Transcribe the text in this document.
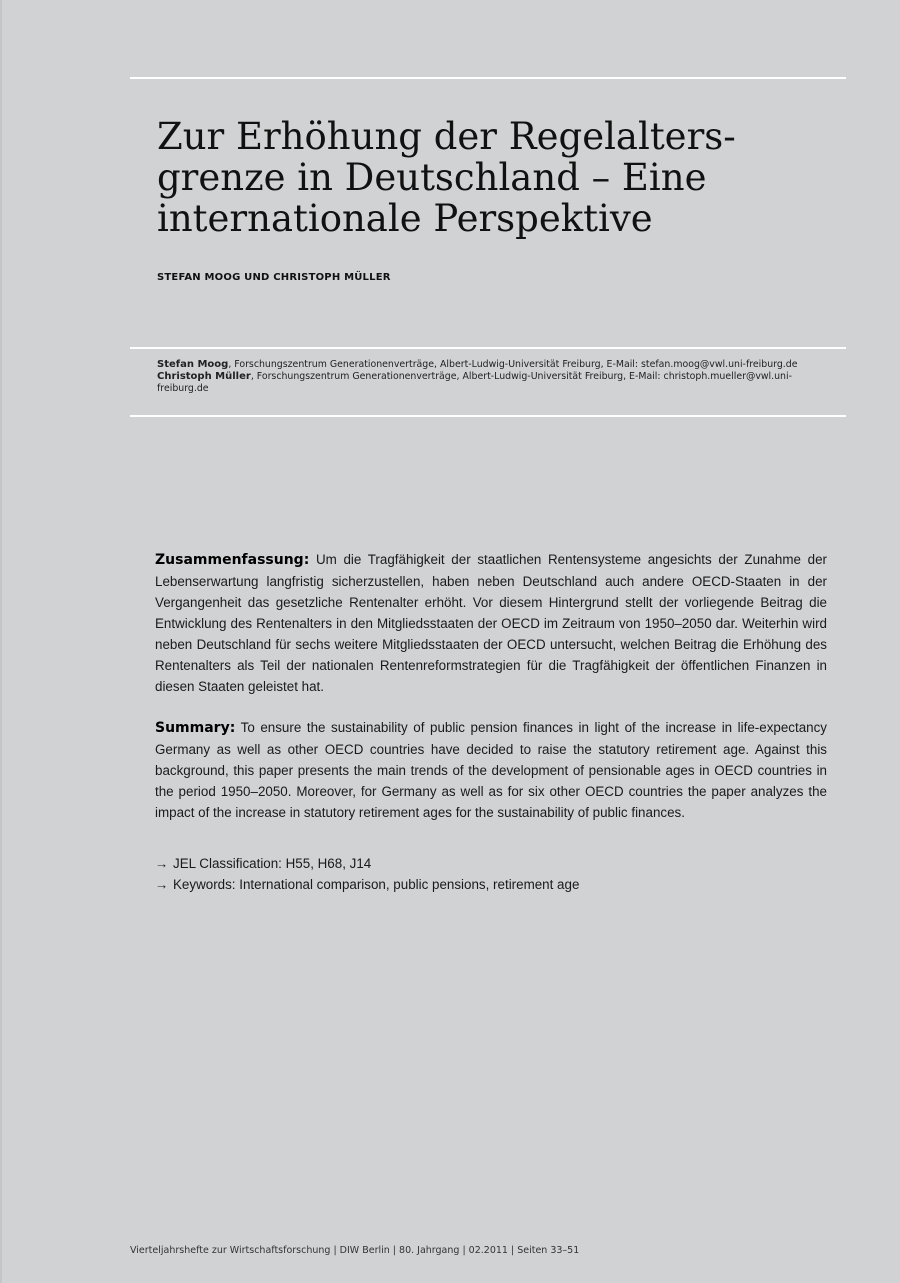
Zur Erhöhung der Regelalters-
grenze in Deutschland – Eine
internationale Perspektive
STEFAN MOOG UND CHRISTOPH MÜLLER

Stefan Moog, Forschungszentrum Generationenverträge, Albert-Ludwig-Universität Freiburg, E-Mail: stefan.moog@vwl.uni-freiburg.de

Christoph Müller, Forschungszentrum Generationenverträge, Albert-Ludwig-Universität Freiburg, E-Mail: christoph.mueller@vwl.uni-freiburg.de

Zusammenfassung: Um die Tragfähigkeit der staatlichen Rentensysteme angesichts der Zunahme der Lebenserwartung langfristig sicherzustellen, haben neben Deutschland auch andere OECD-Staaten in der Vergangenheit das gesetzliche Rentenalter erhöht. Vor diesem Hintergrund stellt der vorliegende Beitrag die Entwicklung des Rentenalters in den Mitgliedsstaaten der OECD im Zeitraum von 1950–2050 dar. Weiterhin wird neben Deutschland für sechs weitere Mitgliedsstaaten der OECD untersucht, welchen Beitrag die Erhöhung des Rentenalters als Teil der nationalen Rentenreformstrategien für die Tragfähigkeit der öffentlichen Finanzen in diesen Staaten geleistet hat.

Summary: To ensure the sustainability of public pension finances in light of the increase in life-expectancy Germany as well as other OECD countries have decided to raise the statutory retirement age. Against this background, this paper presents the main trends of the development of pensionable ages in OECD countries in the period 1950–2050. Moreover, for Germany as well as for six other OECD countries the paper analyzes the impact of the increase in statutory retirement ages for the sustainability of public finances.

→ JEL Classification: H55, H68, J14
→ Keywords: International comparison, public pensions, retirement age
Vierteljahrshefte zur Wirtschaftsforschung | DIW Berlin | 80. Jahrgang | 02.2011 | Seiten 33–51
